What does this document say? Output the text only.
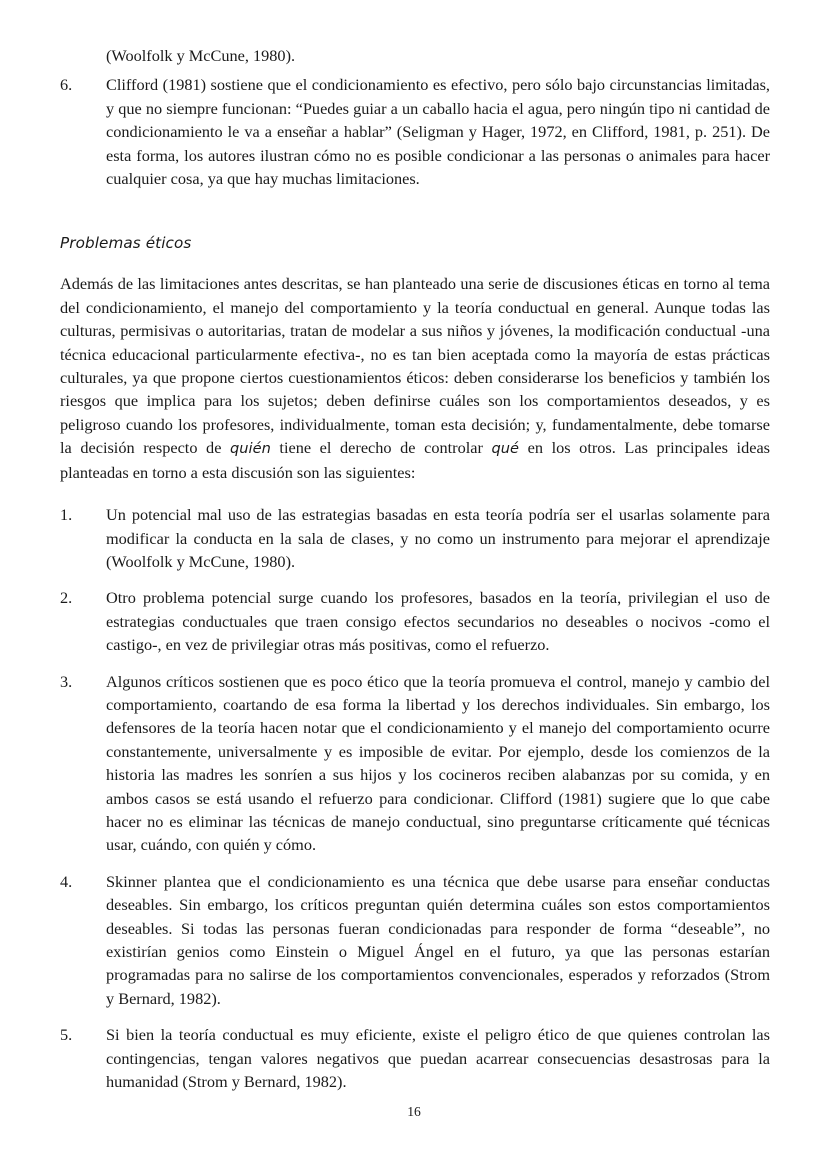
(Woolfolk y McCune, 1980).
6.	Clifford (1981) sostiene que el condicionamiento es efectivo, pero sólo bajo circunstancias limitadas, y que no siempre funcionan: “Puedes guiar a un caballo hacia el agua, pero ningún tipo ni cantidad de condicionamiento le va a enseñar a hablar” (Seligman y Hager, 1972, en Clifford, 1981, p. 251). De esta forma, los autores ilustran cómo no es posible condicionar a las personas o animales para hacer cualquier cosa, ya que hay muchas limitaciones.
Problemas éticos

Además de las limitaciones antes descritas, se han planteado una serie de discusiones éticas en torno al tema del condicionamiento, el manejo del comportamiento y la teoría conductual en general. Aunque todas las culturas, permisivas o autoritarias, tratan de modelar a sus niños y jóvenes, la modificación conductual -una técnica educacional particularmente efectiva-, no es tan bien aceptada como la mayoría de estas prácticas culturales, ya que propone ciertos cuestionamientos éticos: deben considerarse los beneficios y también los riesgos que implica para los sujetos; deben definirse cuáles son los comportamientos deseados, y es peligroso cuando los profesores, individualmente, toman esta decisión; y, fundamentalmente, debe tomarse la decisión respecto de quién tiene el derecho de controlar qué en los otros. Las principales ideas planteadas en torno a esta discusión son las siguientes:

1.	Un potencial mal uso de las estrategias basadas en esta teoría podría ser el usarlas solamente para modificar la conducta en la sala de clases, y no como un instrumento para mejorar el aprendizaje (Woolfolk y McCune, 1980).
2.	Otro problema potencial surge cuando los profesores, basados en la teoría, privilegian el uso de estrategias conductuales que traen consigo efectos secundarios no deseables o nocivos -como el castigo-, en vez de privilegiar otras más positivas, como el refuerzo.
3.	Algunos críticos sostienen que es poco ético que la teoría promueva el control, manejo y cambio del comportamiento, coartando de esa forma la libertad y los derechos individuales. Sin embargo, los defensores de la teoría hacen notar que el condicionamiento y el manejo del comportamiento ocurre constantemente, universalmente y es imposible de evitar. Por ejemplo, desde los comienzos de la historia las madres les sonríen a sus hijos y los cocineros reciben alabanzas por su comida, y en ambos casos se está usando el refuerzo para condicionar. Clifford (1981) sugiere que lo que cabe hacer no es eliminar las técnicas de manejo conductual, sino preguntarse críticamente qué técnicas usar, cuándo, con quién y cómo.
4.	Skinner plantea que el condicionamiento es una técnica que debe usarse para enseñar conductas deseables. Sin embargo, los críticos preguntan quién determina cuáles son estos comportamientos deseables. Si todas las personas fueran condicionadas para responder de forma “deseable”, no existirían genios como Einstein o Miguel Ángel en el futuro, ya que las personas estarían programadas para no salirse de los comportamientos convencionales, esperados y reforzados (Strom y Bernard, 1982).
5.	Si bien la teoría conductual es muy eficiente, existe el peligro ético de que quienes controlan las contingencias, tengan valores negativos que puedan acarrear consecuencias desastrosas para la humanidad (Strom y Bernard, 1982).
16
